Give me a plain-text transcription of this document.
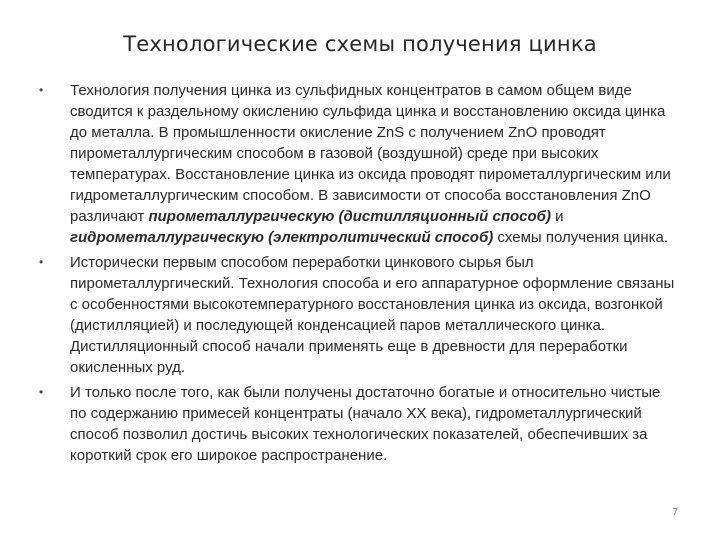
Технологические схемы получения цинка
•	Технология получения цинка из сульфидных концентратов в самом общем виде сводится к раздельному окислению сульфида цинка и восстановлению оксида цинка до металла. В промышленности окисление ZnS с получением ZnO проводят пирометаллургическим способом в газовой (воздушной) среде при высоких температурах. Восстановление цинка из оксида проводят пирометаллургическим или гидрометаллургическим способом. В зависимости от способа восстановления ZnO различают пирометаллургическую (дистилляционный способ) и гидрометаллургическую (электролитический способ) схемы получения цинка.
•	Исторически первым способом переработки цинкового сырья был пирометаллургический. Технология способа и его аппаратурное оформление связаны с особенностями высокотемпературного восстановления цинка из оксида, возгонкой (дистилляцией) и последующей конденсацией паров металлического цинка. Дистилляционный способ начали применять еще в древности для переработки окисленных руд.
•	И только после того, как были получены достаточно богатые и относительно чистые по содержанию примесей концентраты (начало XX века), гидрометаллургический способ позволил достичь высоких технологических показателей, обеспечивших за короткий срок его широкое распространение.
7
